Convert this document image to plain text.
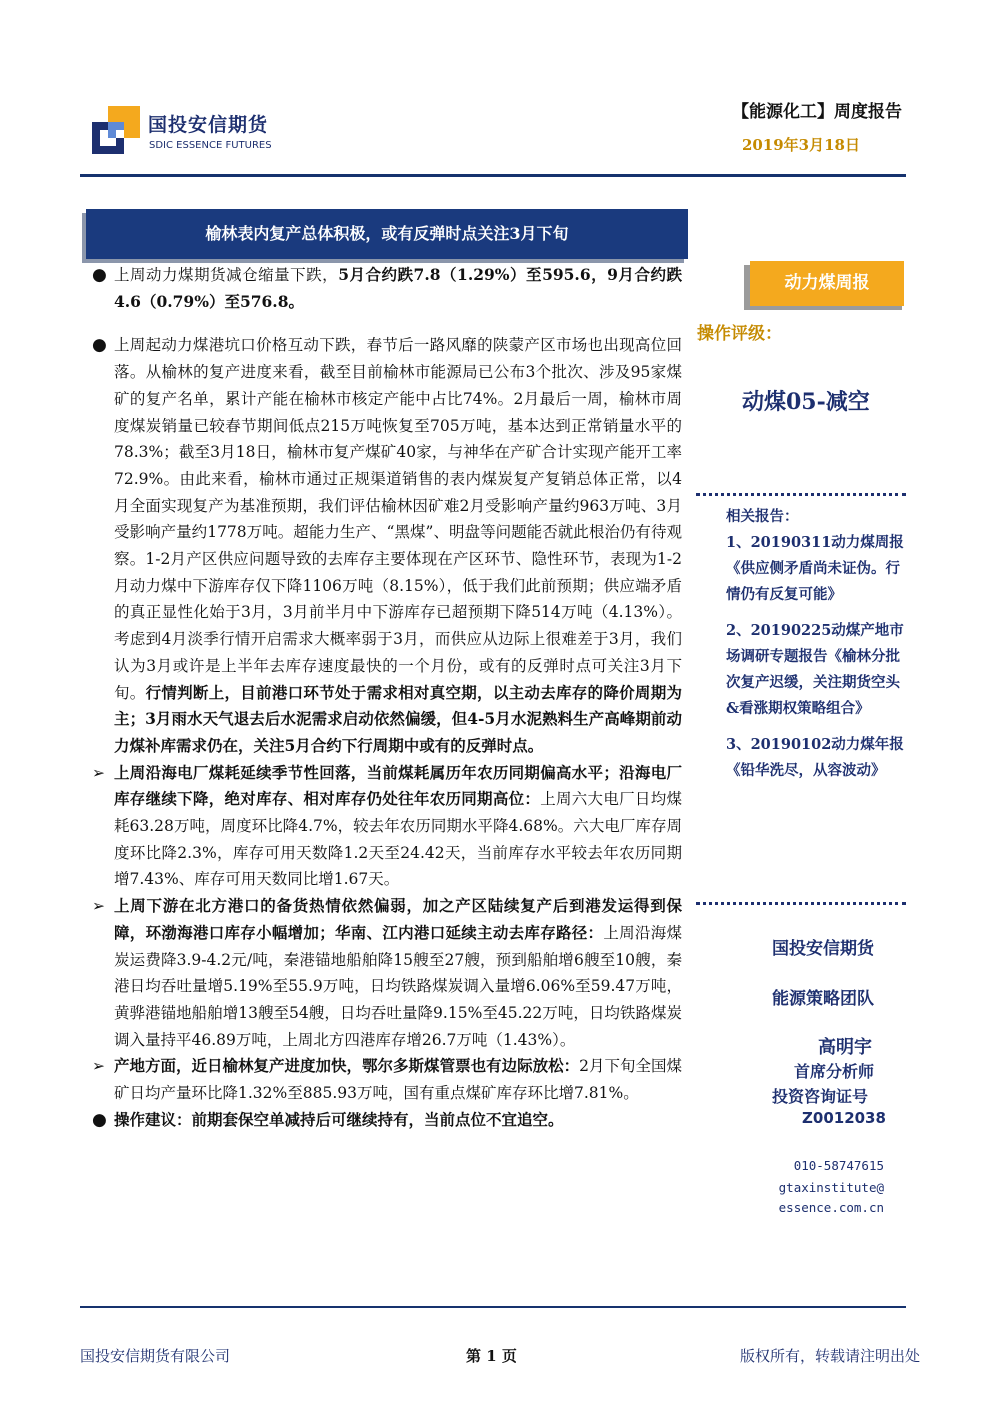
国投安信期货
SDIC ESSENCE FUTURES
【能源化工】周度报告
2019年3月18日
榆林表内复产总体积极，或有反弹时点关注3月下旬

● 上周动力煤期货减仓缩量下跌，5月合约跌7.8（1.29%）至595.6，9月合约跌4.6（0.79%）至576.8。

● 上周起动力煤港坑口价格互动下跌，春节后一路风靡的陕蒙产区市场也出现高位回落。从榆林的复产进度来看，截至目前榆林市能源局已公布3个批次、涉及95家煤矿的复产名单，累计产能在榆林市核定产能中占比74%。2月最后一周，榆林市周度煤炭销量已较春节期间低点215万吨恢复至705万吨，基本达到正常销量水平的78.3%；截至3月18日，榆林市复产煤矿40家，与神华在产矿合计实现产能开工率72.9%。由此来看，榆林市通过正规渠道销售的表内煤炭复产复销总体正常，以4月全面实现复产为基准预期，我们评估榆林因矿难2月受影响产量约963万吨、3月受影响产量约1778万吨。超能力生产、“黑煤”、明盘等问题能否就此根治仍有待观察。1-2月产区供应问题导致的去库存主要体现在产区环节、隐性环节，表现为1-2月动力煤中下游库存仅下降1106万吨（8.15%），低于我们此前预期；供应端矛盾的真正显性化始于3月，3月前半月中下游库存已超预期下降514万吨（4.13%）。考虑到4月淡季行情开启需求大概率弱于3月，而供应从边际上很难差于3月，我们认为3月或许是上半年去库存速度最快的一个月份，或有的反弹时点可关注3月下旬。行情判断上，目前港口环节处于需求相对真空期，以主动去库存的降价周期为主；3月雨水天气退去后水泥需求启动依然偏缓，但4-5月水泥熟料生产高峰期前动力煤补库需求仍在，关注5月合约下行周期中或有的反弹时点。

➢ 上周沿海电厂煤耗延续季节性回落，当前煤耗属历年农历同期偏高水平；沿海电厂库存继续下降，绝对库存、相对库存仍处往年农历同期高位：上周六大电厂日均煤耗63.28万吨，周度环比降4.7%，较去年农历同期水平降4.68%。六大电厂库存周度环比降2.3%，库存可用天数降1.2天至24.42天，当前库存水平较去年农历同期增7.43%、库存可用天数同比增1.67天。

➢ 上周下游在北方港口的备货热情依然偏弱，加之产区陆续复产后到港发运得到保障，环渤海港口库存小幅增加；华南、江内港口延续主动去库存路径：上周沿海煤炭运费降3.9-4.2元/吨，秦港锚地船舶降15艘至27艘，预到船舶增6艘至10艘，秦港日均吞吐量增5.19%至55.9万吨，日均铁路煤炭调入量增6.06%至59.47万吨，黄骅港锚地船舶增13艘至54艘，日均吞吐量降9.15%至45.22万吨，日均铁路煤炭调入量持平46.89万吨，上周北方四港库存增26.7万吨（1.43%）。

➢ 产地方面，近日榆林复产进度加快，鄂尔多斯煤管票也有边际放松：2月下旬全国煤矿日均产量环比降1.32%至885.93万吨，国有重点煤矿库存环比增7.81%。

● 操作建议：前期套保空单减持后可继续持有，当前点位不宜追空。

动力煤周报
操作评级：
动煤05-减空

相关报告：

1、20190311动力煤周报《供应侧矛盾尚未证伪。行情仍有反复可能》

2、20190225动煤产地市场调研专题报告《榆林分批次复产迟缓，关注期货空头&看涨期权策略组合》

3、20190102动力煤年报《铅华洗尽，从容波动》

国投安信期货
能源策略团队
高明宇
首席分析师
投资咨询证号
Z0012038
010-58747615
gtaxinstitute@
essence.com.cn
国投安信期货有限公司	第 1 页	版权所有，转载请注明出处
